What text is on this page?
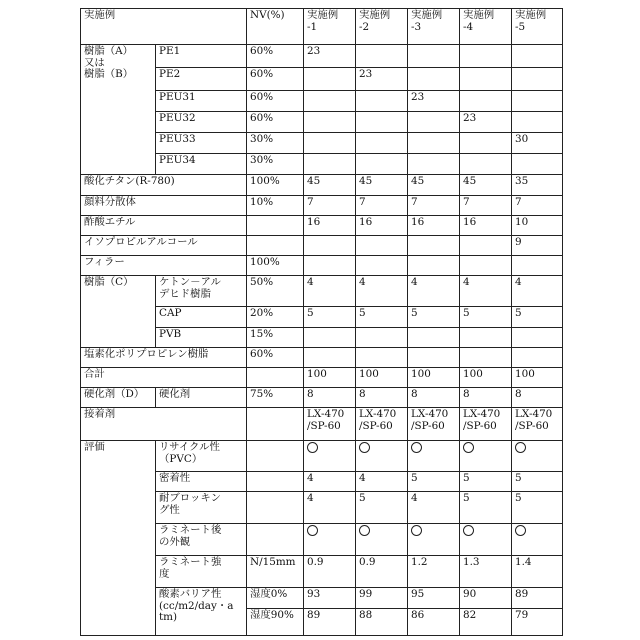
実施例	NV(%)	実施例
-1	実施例
-2	実施例
-3	実施例
-4	実施例
-5
樹脂（A）
又は
樹脂（B）	PE1	60%	23				
PE2	60%		23			
PEU31	60%			23		
PEU32	60%				23	
PEU33	30%					30
PEU34	30%					
酸化チタン(R-780)	100%	45	45	45	45	35
顔料分散体	10%	7	7	7	7	7
酢酸エチル		16	16	16	16	10
イソプロピルアルコール						9
フィラー	100%					
樹脂（C）	ケトン－アル
デヒド樹脂	50%	4	4	4	4	4
CAP	20%	5	5	5	5	5
PVB	15%					
塩素化ポリプロピレン樹脂	60%					
合計		100	100	100	100	100
硬化剤（D）	硬化剤	75%	8	8	8	8	8
接着剤		LX-470
/SP-60	LX-470
/SP-60	LX-470
/SP-60	LX-470
/SP-60	LX-470
/SP-60
評価	リサイクル性
（PVC）						
密着性		4	4	5	5	5
耐ブロッキン
グ性		4	5	4	5	5
ラミネート後
の外観						
ラミネート強
度	N/15mm	0.9	0.9	1.2	1.3	1.4
酸素バリア性
(cc/m2/day・a
tm)	湿度0%	93	99	95	90	89
湿度90%	89	88	86	82	79
